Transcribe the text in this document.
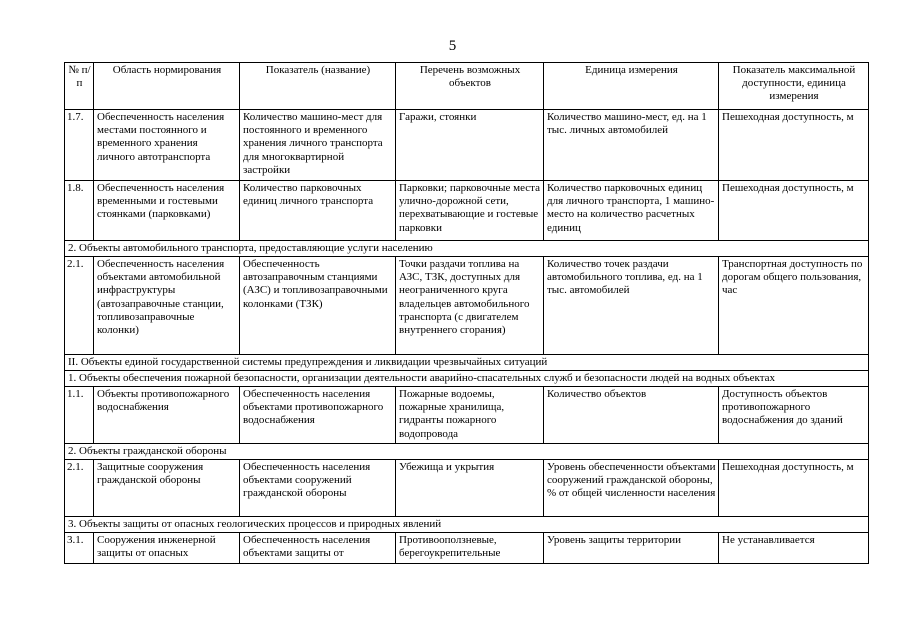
5
№ п/п	Область нормирования	Показатель (название)	Перечень возможных объектов	Единица измерения	Показатель максимальной доступности, единица измерения
1.7.	Обеспеченность населения местами постоянного и временного хранения личного автотранспорта	Количество машино-мест для постоянного и временного хранения личного транспорта для многоквартирной застройки	Гаражи, стоянки	Количество машино-мест, ед. на 1 тыс. личных автомобилей	Пешеходная доступность, м
1.8.	Обеспеченность населения временными и гостевыми стоянками (парковками)	Количество парковочных единиц личного транспорта	Парковки; парковочные места улично-дорожной сети, перехватывающие и гостевые парковки	Количество парковочных единиц для личного транспорта, 1 машино-место на количество расчетных единиц	Пешеходная доступность, м
2. Объекты автомобильного транспорта, предоставляющие услуги населению					
2.1.	Обеспеченность населения объектами автомобильной инфраструктуры (автозаправочные станции, топливозаправочные колонки)	Обеспеченность автозаправочным станциями (АЗС) и топливозаправочными колонками (ТЗК)	Точки раздачи топлива на АЗС, ТЗК, доступных для неограниченного круга владельцев автомобильного транспорта (с двигателем внутреннего сгорания)	Количество точек раздачи автомобильного топлива, ед. на 1 тыс. автомобилей	Транспортная доступность по дорогам общего пользования, час
II. Объекты единой государственной системы предупреждения и ликвидации чрезвычайных ситуаций					
1. Объекты обеспечения пожарной безопасности, организации деятельности аварийно-спасательных служб и безопасности людей на водных объектах					
1.1.	Объекты противопожарного водоснабжения	Обеспеченность населения объектами противопожарного водоснабжения	Пожарные водоемы, пожарные хранилища, гидранты пожарного водопровода	Количество объектов	Доступность объектов противопожарного водоснабжения до зданий
2. Объекты гражданской обороны					
2.1.	Защитные сооружения гражданской обороны	Обеспеченность населения объектами сооружений гражданской обороны	Убежища и укрытия	Уровень обеспеченности объектами сооружений гражданской обороны, % от общей численности населения	Пешеходная доступность, м
3. Объекты защиты от опасных геологических процессов и природных явлений					
3.1.	Сооружения инженерной защиты от опасных	Обеспеченность населения объектами защиты от	Противооползневые, берегоукрепительные	Уровень защиты территории	Не устанавливается
